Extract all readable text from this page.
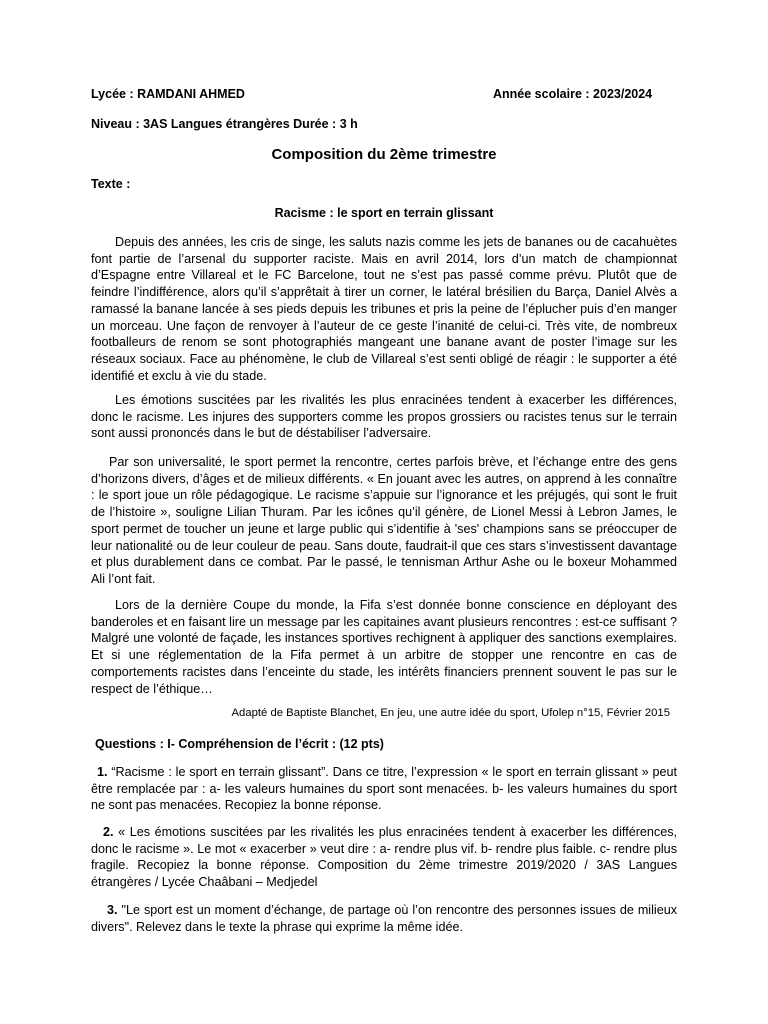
Lycée : RAMDANI AHMED	Année scolaire : 2023/2024
Niveau : 3AS Langues étrangères Durée : 3 h
Composition du 2ème trimestre
Texte :
Racisme : le sport en terrain glissant

Depuis des années, les cris de singe, les saluts nazis comme les jets de bananes ou de cacahuètes font partie de l’arsenal du supporter raciste. Mais en avril 2014, lors d’un match de championnat d’Espagne entre Villareal et le FC Barcelone, tout ne s’est pas passé comme prévu. Plutôt que de feindre l’indifférence, alors qu’il s’apprêtait à tirer un corner, le latéral brésilien du Barça, Daniel Alvès a ramassé la banane lancée à ses pieds depuis les tribunes et pris la peine de l’éplucher puis d’en manger un morceau. Une façon de renvoyer à l’auteur de ce geste l’inanité de celui-ci. Très vite, de nombreux footballeurs de renom se sont photographiés mangeant une banane avant de poster l’image sur les réseaux sociaux. Face au phénomène, le club de Villareal s’est senti obligé de réagir : le supporter a été identifié et exclu à vie du stade.

Les émotions suscitées par les rivalités les plus enracinées tendent à exacerber les différences, donc le racisme. Les injures des supporters comme les propos grossiers ou racistes tenus sur le terrain sont aussi prononcés dans le but de déstabiliser l’adversaire.

Par son universalité, le sport permet la rencontre, certes parfois brève, et l’échange entre des gens d’horizons divers, d’âges et de milieux différents. « En jouant avec les autres, on apprend à les connaître : le sport joue un rôle pédagogique. Le racisme s’appuie sur l’ignorance et les préjugés, qui sont le fruit de l’histoire », souligne Lilian Thuram. Par les icônes qu’il génère, de Lionel Messi à Lebron James, le sport permet de toucher un jeune et large public qui s’identifie à 'ses' champions sans se préoccuper de leur nationalité ou de leur couleur de peau. Sans doute, faudrait-il que ces stars s’investissent davantage et plus durablement dans ce combat. Par le passé, le tennisman Arthur Ashe ou le boxeur Mohammed Ali l’ont fait.

Lors de la dernière Coupe du monde, la Fifa s’est donnée bonne conscience en déployant des banderoles et en faisant lire un message par les capitaines avant plusieurs rencontres : est-ce suffisant ? Malgré une volonté de façade, les instances sportives rechignent à appliquer des sanctions exemplaires. Et si une réglementation de la Fifa permet à un arbitre de stopper une rencontre en cas de comportements racistes dans l’enceinte du stade, les intérêts financiers prennent souvent le pas sur le respect de l’éthique…

Adapté de Baptiste Blanchet, En jeu, une autre idée du sport, Ufolep n°15, Février 2015
Questions : I- Compréhension de l’écrit : (12 pts)

1. “Racisme : le sport en terrain glissant”. Dans ce titre, l’expression « le sport en terrain glissant » peut être remplacée par : a- les valeurs humaines du sport sont menacées. b- les valeurs humaines du sport ne sont pas menacées. Recopiez la bonne réponse.

2. « Les émotions suscitées par les rivalités les plus enracinées tendent à exacerber les différences, donc le racisme ». Le mot « exacerber » veut dire : a- rendre plus vif. b- rendre plus faible. c- rendre plus fragile. Recopiez la bonne réponse. Composition du 2ème trimestre 2019/2020 / 3AS Langues étrangères / Lycée Chaâbani – Medjedel

3. "Le sport est un moment d’échange, de partage où l’on rencontre des personnes issues de milieux divers". Relevez dans le texte la phrase qui exprime la même idée.
